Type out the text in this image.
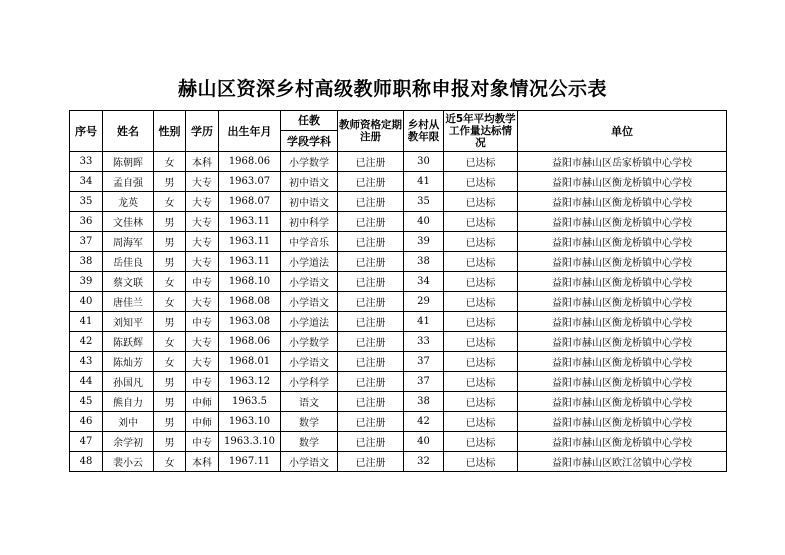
赫山区资深乡村高级教师职称申报对象情况公示表
序号	姓名	性别	学历	出生年月	任教	教师资格定期注册	乡村从教年限	近5年平均教学工作量达标情况	单位
					学段学科				
33	陈朝晖	女	本科	1968.06	小学数学	已注册	30	已达标	益阳市赫山区岳家桥镇中心学校
34	孟自强	男	大专	1963.07	初中语文	已注册	41	已达标	益阳市赫山区衡龙桥镇中心学校
35	龙英	女	大专	1968.07	初中语文	已注册	35	已达标	益阳市赫山区衡龙桥镇中心学校
36	文佳林	男	大专	1963.11	初中科学	已注册	40	已达标	益阳市赫山区衡龙桥镇中心学校
37	周海军	男	大专	1963.11	中学音乐	已注册	39	已达标	益阳市赫山区衡龙桥镇中心学校
38	岳佳良	男	大专	1963.11	小学道法	已注册	38	已达标	益阳市赫山区衡龙桥镇中心学校
39	蔡文联	女	中专	1968.10	小学语文	已注册	34	已达标	益阳市赫山区衡龙桥镇中心学校
40	唐佳兰	女	大专	1968.08	小学语文	已注册	29	已达标	益阳市赫山区衡龙桥镇中心学校
41	刘知平	男	中专	1963.08	小学道法	已注册	41	已达标	益阳市赫山区衡龙桥镇中心学校
42	陈跃辉	女	大专	1968.06	小学数学	已注册	33	已达标	益阳市赫山区衡龙桥镇中心学校
43	陈灿芳	女	大专	1968.01	小学语文	已注册	37	已达标	益阳市赫山区衡龙桥镇中心学校
44	孙国凡	男	中专	1963.12	小学科学	已注册	37	已达标	益阳市赫山区衡龙桥镇中心学校
45	熊自力	男	中师	1963.5	语文	已注册	38	已达标	益阳市赫山区衡龙桥镇中心学校
46	刘中	男	中师	1963.10	数学	已注册	42	已达标	益阳市赫山区衡龙桥镇中心学校
47	余学初	男	中专	1963.3.10	数学	已注册	40	已达标	益阳市赫山区衡龙桥镇中心学校
48	裴小云	女	本科	1967.11	小学语文	已注册	32	已达标	益阳市赫山区欧江岔镇中心学校
